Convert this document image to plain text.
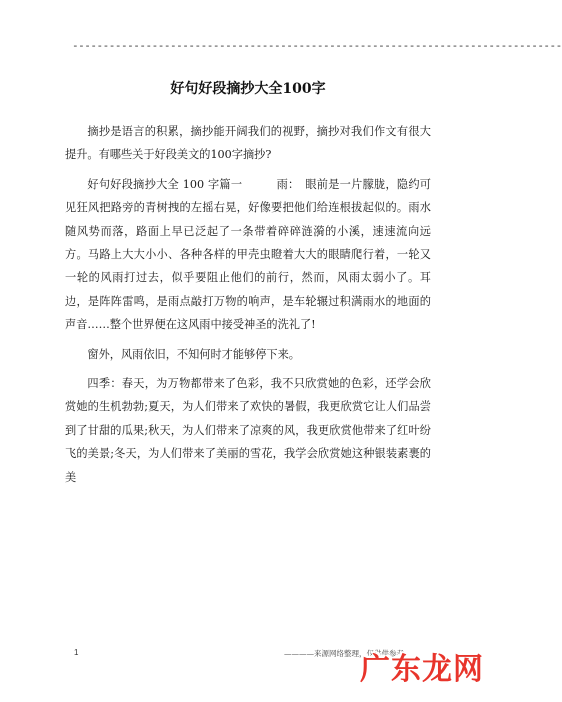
--------------------------------------------------------------------------------
好句好段摘抄大全100字

摘抄是语言的积累，摘抄能开阔我们的视野，摘抄对我们作文有很大提升。有哪些关于好段美文的100字摘抄?

好句好段摘抄大全 100 字篇一　　　雨：　眼前是一片朦胧，隐约可见狂风把路旁的青树拽的左摇右晃，好像要把他们给连根拔起似的。雨水随风势而落，路面上早已泛起了一条带着碎碎涟漪的小溪，速速流向远方。马路上大大小小、各种各样的甲壳虫瞪着大大的眼睛爬行着，一轮又一轮的风雨打过去，似乎要阻止他们的前行，然而，风雨太弱小了。耳边，是阵阵雷鸣，是雨点敲打万物的响声，是车轮辗过积满雨水的地面的声音……整个世界便在这风雨中接受神圣的洗礼了!

窗外，风雨依旧，不知何时才能够停下来。

四季：春天，为万物都带来了色彩，我不只欣赏她的色彩，还学会欣赏她的生机勃勃;夏天，为人们带来了欢快的暑假，我更欣赏它让人们品尝到了甘甜的瓜果;秋天，为人们带来了凉爽的风，我更欣赏他带来了红叶纷飞的美景;冬天，为人们带来了美丽的雪花，我学会欣赏她这种银装素裹的美

1	————来源网络整理，仅供供参考
广东龙网
